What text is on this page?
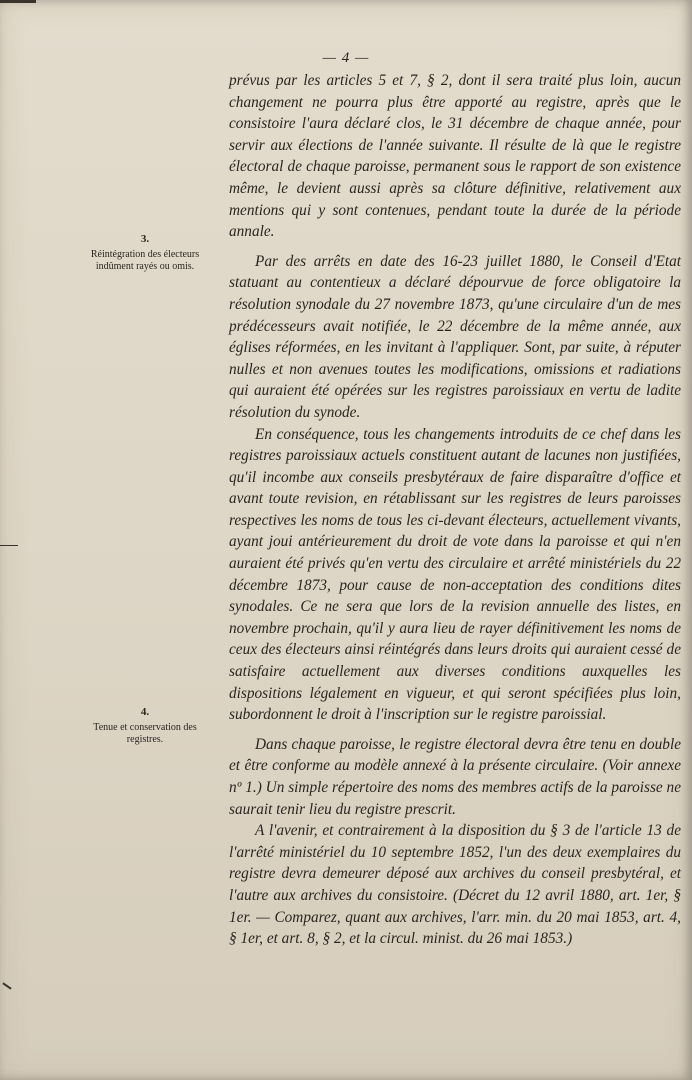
— 4 —
3.
Réintégration des électeurs indûment rayés ou omis.
4.
Tenue et conservation des registres.

prévus par les articles 5 et 7, § 2, dont il sera traité plus loin, aucun changement ne pourra plus être apporté au registre, après que le consistoire l'aura déclaré clos, le 31 décembre de chaque année, pour servir aux élections de l'année suivante. Il résulte de là que le registre électoral de chaque paroisse, permanent sous le rapport de son existence même, le devient aussi après sa clôture définitive, relativement aux mentions qui y sont contenues, pendant toute la durée de la période annale.

Par des arrêts en date des 16-23 juillet 1880, le Conseil d'Etat statuant au contentieux a déclaré dépourvue de force obligatoire la résolution synodale du 27 novembre 1873, qu'une circulaire d'un de mes prédécesseurs avait notifiée, le 22 décembre de la même année, aux églises réformées, en les invitant à l'appliquer. Sont, par suite, à réputer nulles et non avenues toutes les modifications, omissions et radiations qui auraient été opérées sur les registres paroissiaux en vertu de ladite résolution du synode.

En conséquence, tous les changements introduits de ce chef dans les registres paroissiaux actuels constituent autant de lacunes non justifiées, qu'il incombe aux conseils presbytéraux de faire disparaître d'office et avant toute revision, en rétablissant sur les registres de leurs paroisses respectives les noms de tous les ci-devant électeurs, actuellement vivants, ayant joui antérieurement du droit de vote dans la paroisse et qui n'en auraient été privés qu'en vertu des circulaire et arrêté ministériels du 22 décembre 1873, pour cause de non-acceptation des conditions dites synodales. Ce ne sera que lors de la revision annuelle des listes, en novembre prochain, qu'il y aura lieu de rayer définitivement les noms de ceux des électeurs ainsi réintégrés dans leurs droits qui auraient cessé de satisfaire actuellement aux diverses conditions auxquelles les dispositions légalement en vigueur, et qui seront spécifiées plus loin, subordonnent le droit à l'inscription sur le registre paroissial.

Dans chaque paroisse, le registre électoral devra être tenu en double et être conforme au modèle annexé à la présente circulaire. (Voir annexe nº 1.) Un simple répertoire des noms des membres actifs de la paroisse ne saurait tenir lieu du registre prescrit.

A l'avenir, et contrairement à la disposition du § 3 de l'article 13 de l'arrêté ministériel du 10 septembre 1852, l'un des deux exemplaires du registre devra demeurer déposé aux archives du conseil presbytéral, et l'autre aux archives du consistoire. (Décret du 12 avril 1880, art. 1er, § 1er. — Comparez, quant aux archives, l'arr. min. du 20 mai 1853, art. 4, § 1er, et art. 8, § 2, et la circul. minist. du 26 mai 1853.)
